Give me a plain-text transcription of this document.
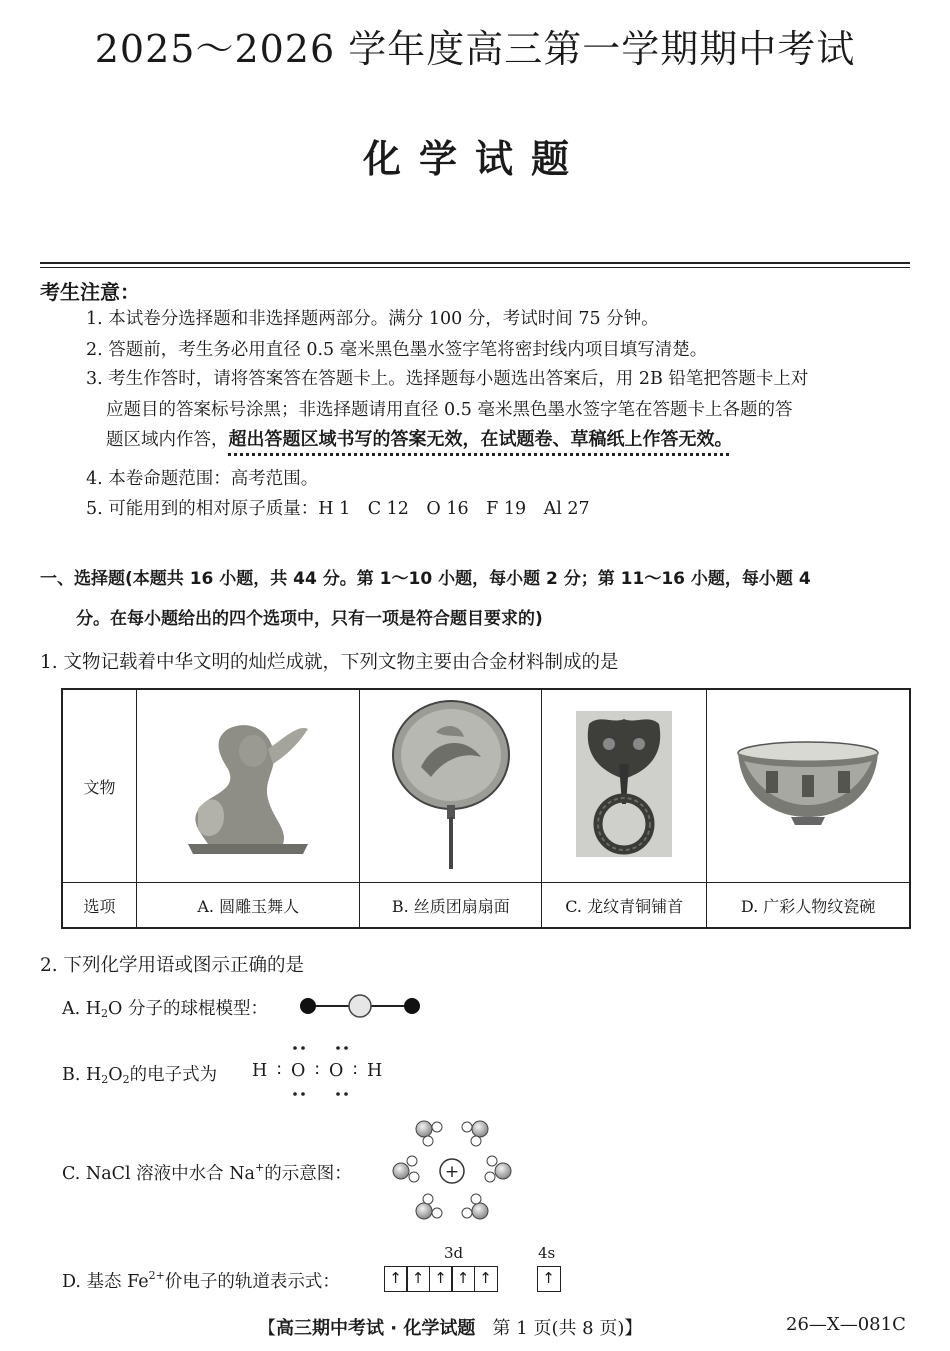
2025～2026 学年度高三第一学期期中考试
化学试题
考生注意：
1. 本试卷分选择题和非选择题两部分。满分 100 分，考试时间 75 分钟。
2. 答题前，考生务必用直径 0.5 毫米黑色墨水签字笔将密封线内项目填写清楚。
3. 考生作答时，请将答案答在答题卡上。选择题每小题选出答案后，用 2B 铅笔把答题卡上对
应题目的答案标号涂黑；非选择题请用直径 0.5 毫米黑色墨水签字笔在答题卡上各题的答
题区域内作答，超出答题区域书写的答案无效，在试题卷、草稿纸上作答无效。
4. 本卷命题范围：高考范围。
5. 可能用到的相对原子质量：H 1　C 12　O 16　F 19　Al 27
一、选择题(本题共 16 小题，共 44 分。第 1～10 小题，每小题 2 分；第 11～16 小题，每小题 4
分。在每小题给出的四个选项中，只有一项是符合题目要求的)
1. 文物记载着中华文明的灿烂成就，下列文物主要由合金材料制成的是
文物				
选项	A. 圆雕玉舞人	B. 丝质团扇扇面	C. 龙纹青铜铺首	D. 广彩人物纹瓷碗
2. 下列化学用语或图示正确的是
A. $H_2O$ 分子的球棍模型：
B. $H_2O_2$的电子式为 H ∶ O ∶ O ∶ H
C. NaCl 溶液中水合 Na+的示意图：	+
D. 基态 $Fe^{2+}$价电子的轨道表示式：
3d	4s
↑ ↑ ↑ ↑ ↑	↑
【高三期中考试 · 化学试题 第 1 页(共 8 页)】	26—X—081C
